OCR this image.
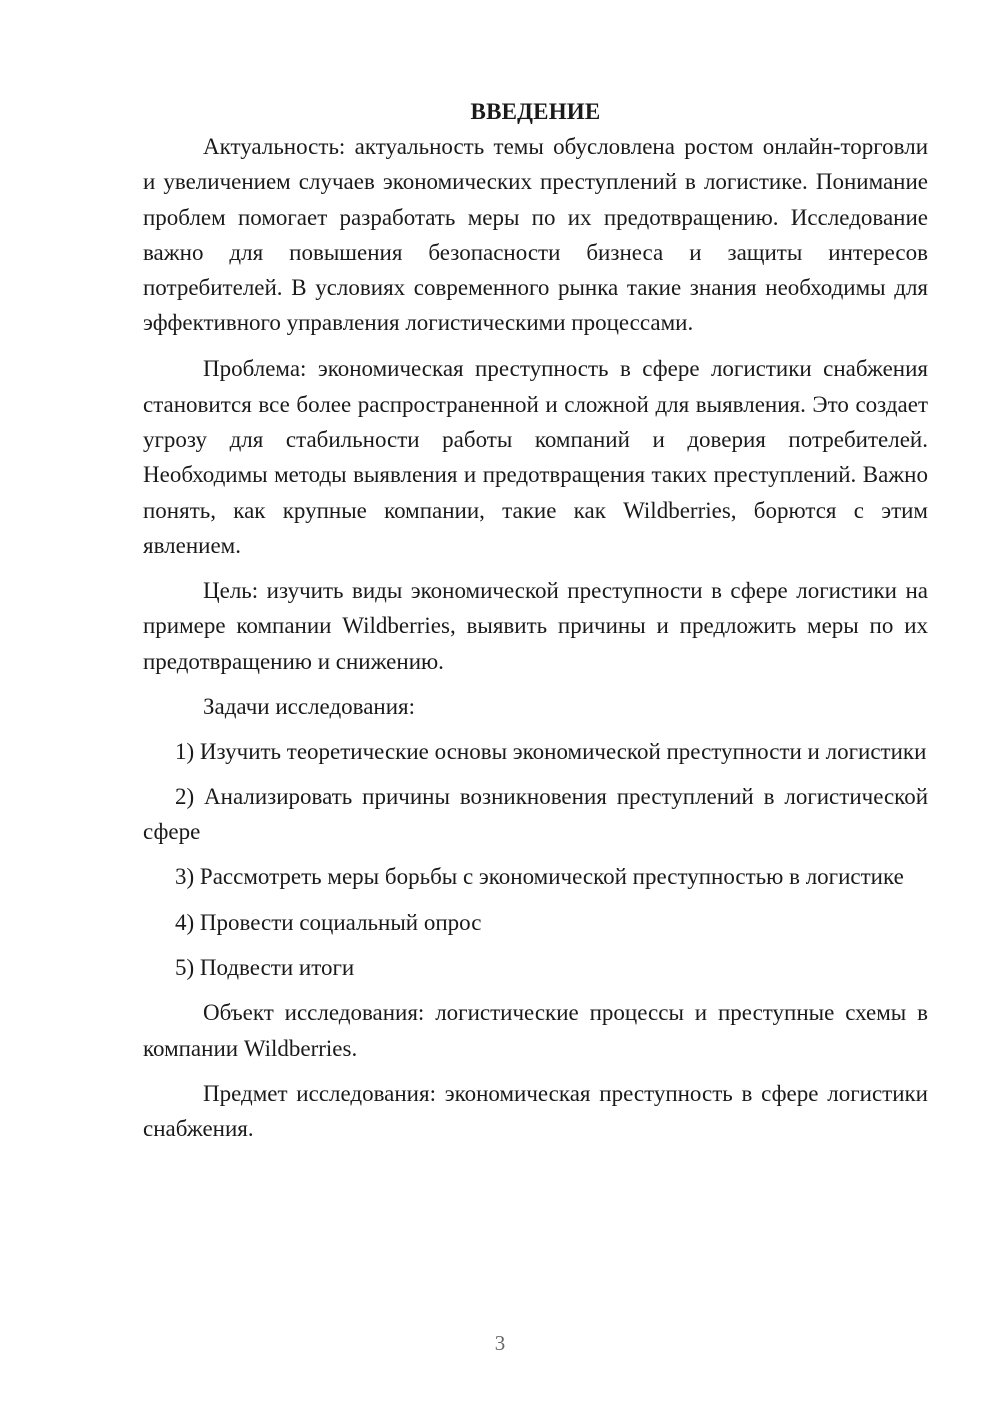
ВВЕДЕНИЕ

Актуальность: актуальность темы обусловлена ростом онлайн-торговли и увеличением случаев экономических преступлений в логистике. Понимание проблем помогает разработать меры по их предотвращению. Исследование важно для повышения безопасности бизнеса и защиты интересов потребителей. В условиях современного рынка такие знания необходимы для эффективного управления логистическими процессами.

Проблема: экономическая преступность в сфере логистики снабжения становится все более распространенной и сложной для выявления. Это создает угрозу для стабильности работы компаний и доверия потребителей. Необходимы методы выявления и предотвращения таких преступлений. Важно понять, как крупные компании, такие как Wildberries, борются с этим явлением.

Цель: изучить виды экономической преступности в сфере логистики на примере компании Wildberries, выявить причины и предложить меры по их предотвращению и снижению.

Задачи исследования:

1) Изучить теоретические основы экономической преступности и логистики

2) Анализировать причины возникновения преступлений в логистической сфере

3) Рассмотреть меры борьбы с экономической преступностью в логистике

4) Провести социальный опрос

5) Подвести итоги

Объект исследования: логистические процессы и преступные схемы в компании Wildberries.

Предмет исследования: экономическая преступность в сфере логистики снабжения.

3
